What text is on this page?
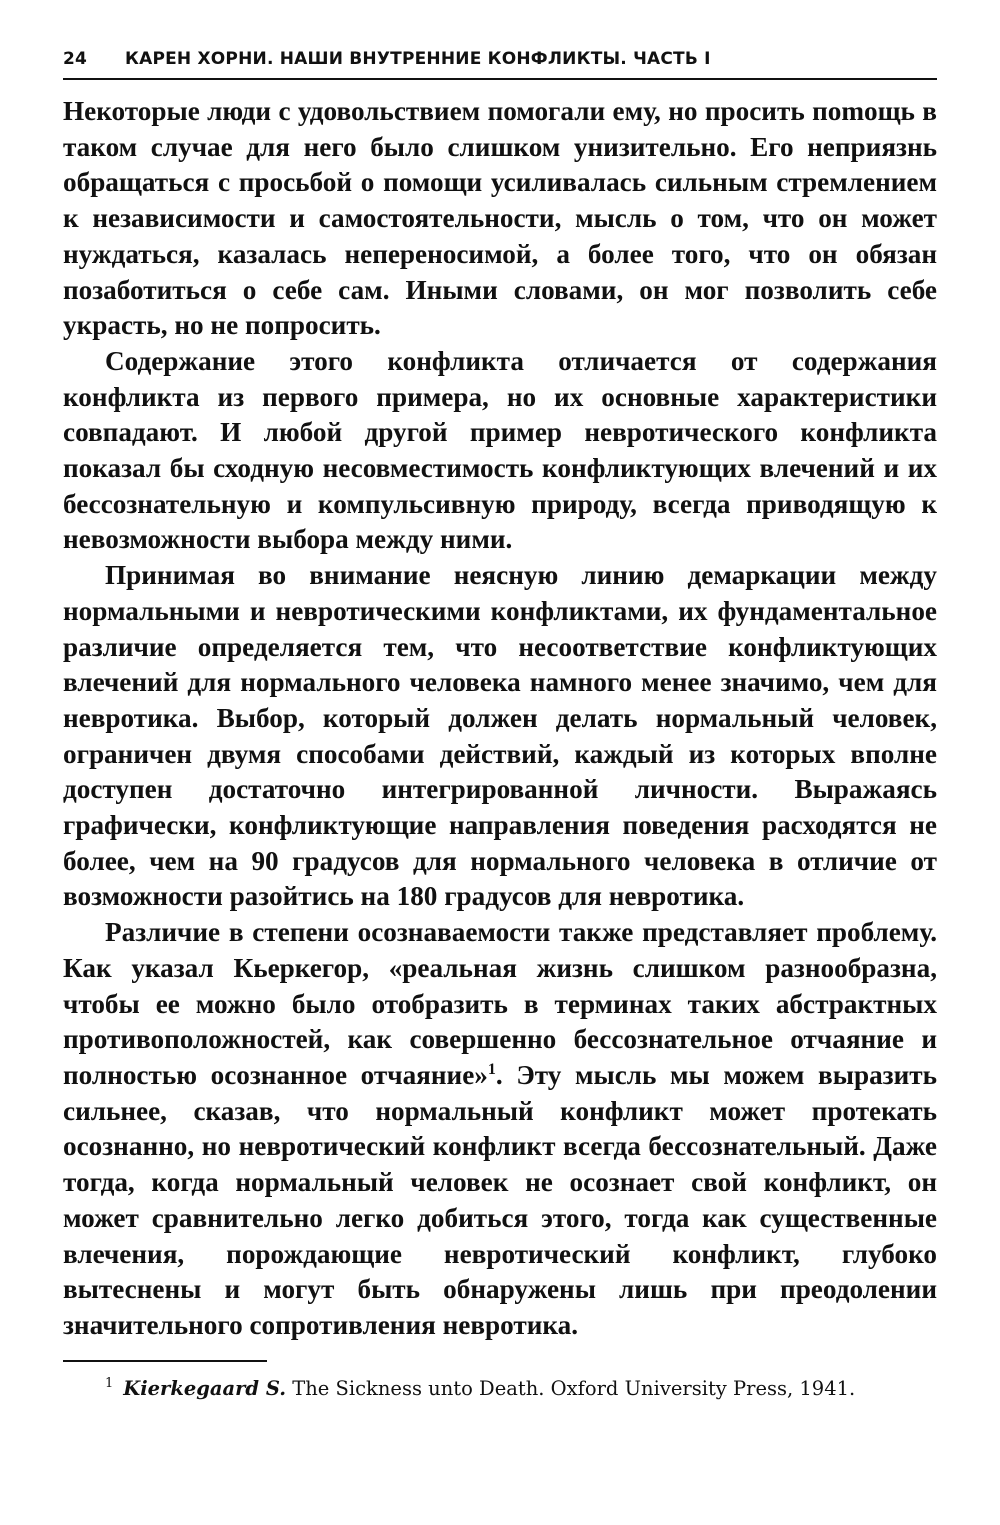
24 КАРЕН ХОРНИ. НАШИ ВНУТРЕННИЕ КОНФЛИКТЫ. ЧАСТЬ I

Некоторые люди с удовольствием помогали ему, но просить поmощь в таком случае для него было слишком унизительно. Его неприязнь обращаться с просьбой о помощи усиливалась сильным стремлением к независимости и самостоятельности, мысль о том, что он может нуждаться, казалась непереносимой, а более того, что он обязан позаботиться о себе сам. Иными словами, он мог позволить себе украсть, но не попросить.

Содержание этого конфликта отличается от содержания конфликта из первого примера, но их основные характеристики совпадают. И любой другой пример невротического конфликта показал бы сходную несовместимость конфликтующих влечений и их бессознательную и компульсивную природу, всегда приводящую к невозможности выбора между ними.

Принимая во внимание неясную линию демаркации между нормальными и невротическими конфликтами, их фундаментальное различие определяется тем, что несоответствие конфликтующих влечений для нормального человека намного менее значимо, чем для невротика. Выбор, который должен делать нормальный человек, ограничен двумя способами действий, каждый из которых вполне доступен достаточно интегрированной личности. Выражаясь графически, конфликтующие направления поведения расходятся не более, чем на 90 градусов для нормального человека в отличие от возможности разойтись на 180 градусов для невротика.

Различие в степени осознаваемости также представляет проблему. Как указал Кьеркегор, «реальная жизнь слишком разнообразна, чтобы ее можно было отобразить в терминах таких абстрактных противоположностей, как совершенно бессознательное отчаяние и полностью осознанное отчаяние»$^1$. Эту мысль мы можем выразить сильнее, сказав, что нормальный конфликт может протекать осознанно, но невротический конфликт всегда бессознательный. Даже тогда, когда нормальный человек не осознает свой конфликт, он может сравнительно легко добиться этого, тогда как существенные влечения, порождающие невротический конфликт, глубоко вытеснены и могут быть обнаружены лишь при преодолении значительного сопротивления невротика.

$^1$ Kierkegaard S. The Sickness unto Death. Oxford University Press, 1941.
